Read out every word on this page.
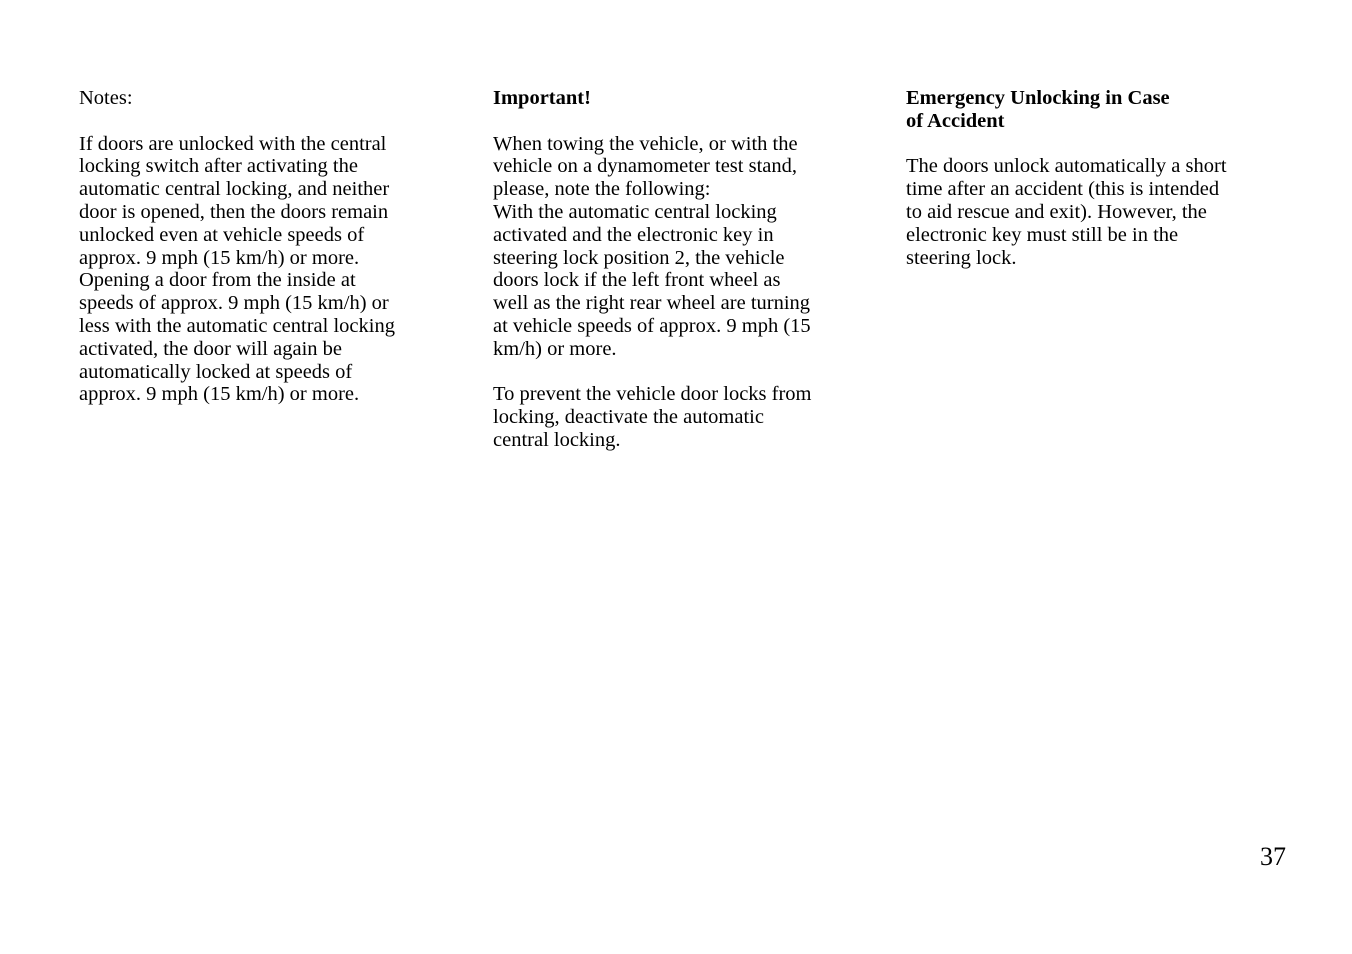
Notes:
If doors are unlocked with the central
locking switch after activating the
automatic central locking, and neither
door is opened, then the doors remain
unlocked even at vehicle speeds of
approx. 9 mph (15 km/h) or more.
Opening a door from the inside at
speeds of approx. 9 mph (15 km/h) or
less with the automatic central locking
activated, the door will again be
automatically locked at speeds of
approx. 9 mph (15 km/h) or more.
Important!
When towing the vehicle, or with the
vehicle on a dynamometer test stand,
please, note the following:
With the automatic central locking
activated and the electronic key in
steering lock position 2, the vehicle
doors lock if the left front wheel as
well as the right rear wheel are turning
at vehicle speeds of approx. 9 mph (15
km/h) or more.
To prevent the vehicle door locks from
locking, deactivate the automatic
central locking.
Emergency Unlocking in Case
of Accident
The doors unlock automatically a short
time after an accident (this is intended
to aid rescue and exit). However, the
electronic key must still be in the
steering lock.
37
